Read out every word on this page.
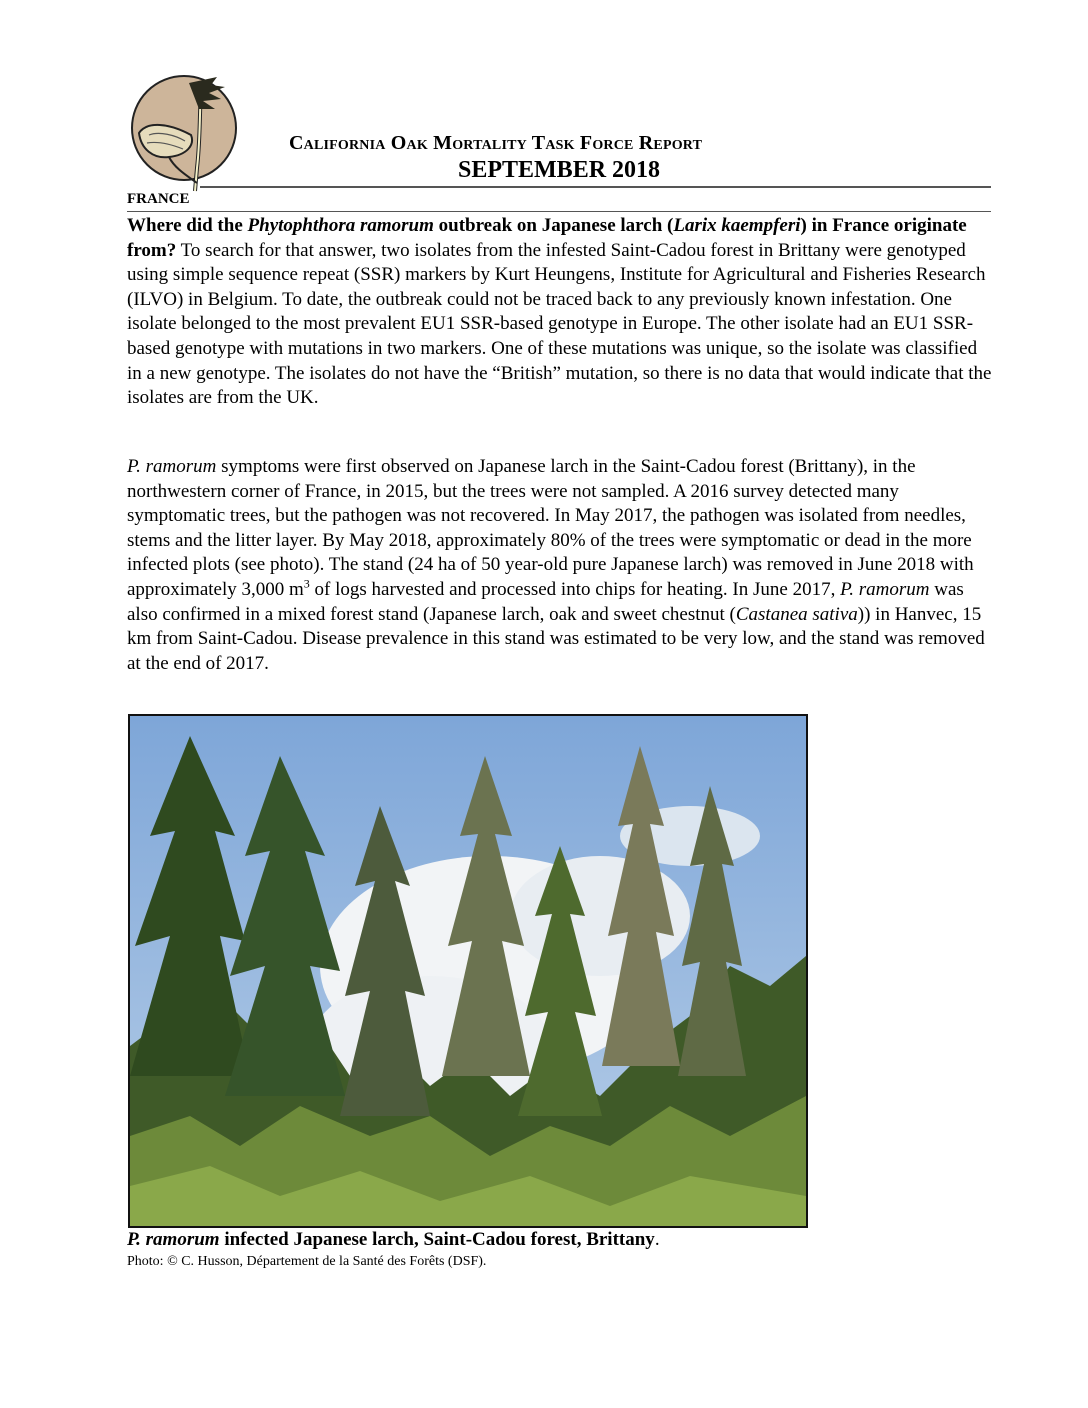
California Oak Mortality Task Force Report
SEPTEMBER 2018
FRANCE
Where did the Phytophthora ramorum outbreak on Japanese larch (Larix kaempferi) in France originate from? To search for that answer, two isolates from the infested Saint-Cadou forest in Brittany were genotyped using simple sequence repeat (SSR) markers by Kurt Heungens, Institute for Agricultural and Fisheries Research (ILVO) in Belgium. To date, the outbreak could not be traced back to any previously known infestation. One isolate belonged to the most prevalent EU1 SSR-based genotype in Europe. The other isolate had an EU1 SSR-based genotype with mutations in two markers. One of these mutations was unique, so the isolate was classified in a new genotype. The isolates do not have the “British” mutation, so there is no data that would indicate that the isolates are from the UK.
P. ramorum symptoms were first observed on Japanese larch in the Saint-Cadou forest (Brittany), in the northwestern corner of France, in 2015, but the trees were not sampled. A 2016 survey detected many symptomatic trees, but the pathogen was not recovered. In May 2017, the pathogen was isolated from needles, stems and the litter layer. By May 2018, approximately 80% of the trees were symptomatic or dead in the more infected plots (see photo). The stand (24 ha of 50 year-old pure Japanese larch) was removed in June 2018 with approximately 3,000 $m^3$ of logs harvested and processed into chips for heating. In June 2017, P. ramorum was also confirmed in a mixed forest stand (Japanese larch, oak and sweet chestnut (Castanea sativa)) in Hanvec, 15 km from Saint-Cadou. Disease prevalence in this stand was estimated to be very low, and the stand was removed at the end of 2017.
P. ramorum infected Japanese larch, Saint-Cadou forest, Brittany.
Photo: © C. Husson, Département de la Santé des Forêts (DSF).
